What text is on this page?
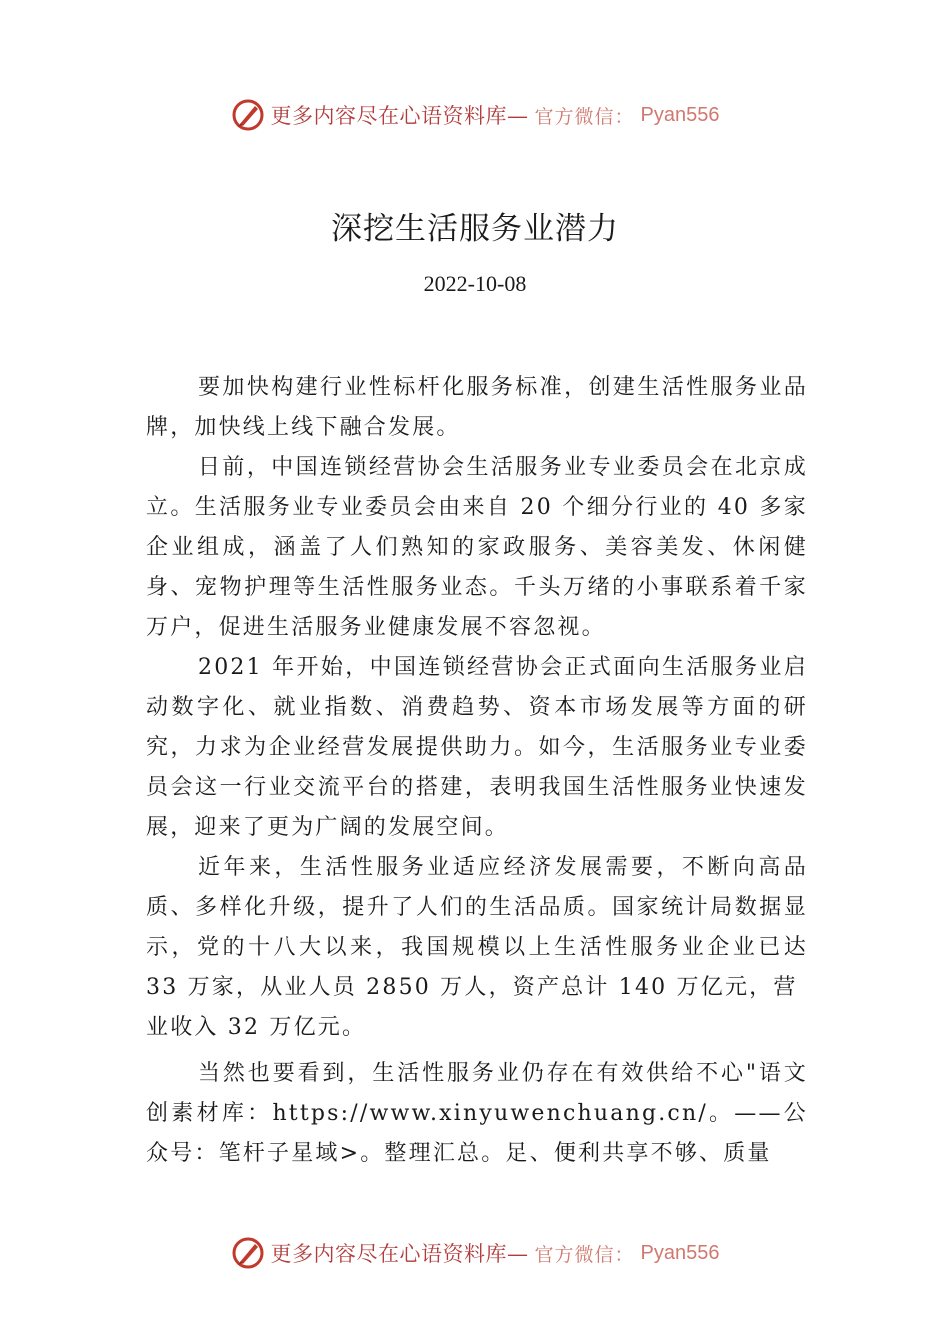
更多内容尽在心语资料库— 官方微信： Pyan556
深挖生活服务业潜力
2022-10-08

要加快构建行业性标杆化服务标准，创建生活性服务业品牌，加快线上线下融合发展。

日前，中国连锁经营协会生活服务业专业委员会在北京成立。生活服务业专业委员会由来自 20 个细分行业的 40 多家企业组成，涵盖了人们熟知的家政服务、美容美发、休闲健身、宠物护理等生活性服务业态。千头万绪的小事联系着千家万户，促进生活服务业健康发展不容忽视。

2021 年开始，中国连锁经营协会正式面向生活服务业启动数字化、就业指数、消费趋势、资本市场发展等方面的研究，力求为企业经营发展提供助力。如今，生活服务业专业委员会这一行业交流平台的搭建，表明我国生活性服务业快速发展，迎来了更为广阔的发展空间。

近年来，生活性服务业适应经济发展需要，不断向高品质、多样化升级，提升了人们的生活品质。国家统计局数据显示，党的十八大以来，我国规模以上生活性服务业企业已达 33 万家，从业人员 2850 万人，资产总计 140 万亿元，营

业收入 32 万亿元。

当然也要看到，生活性服务业仍存在有效供给不心"语文创素材库：https://www.xinyuwenchuang.cn/。——公众号：笔杆子星域>。整理汇总。足、便利共享不够、质量

更多内容尽在心语资料库— 官方微信： Pyan556
